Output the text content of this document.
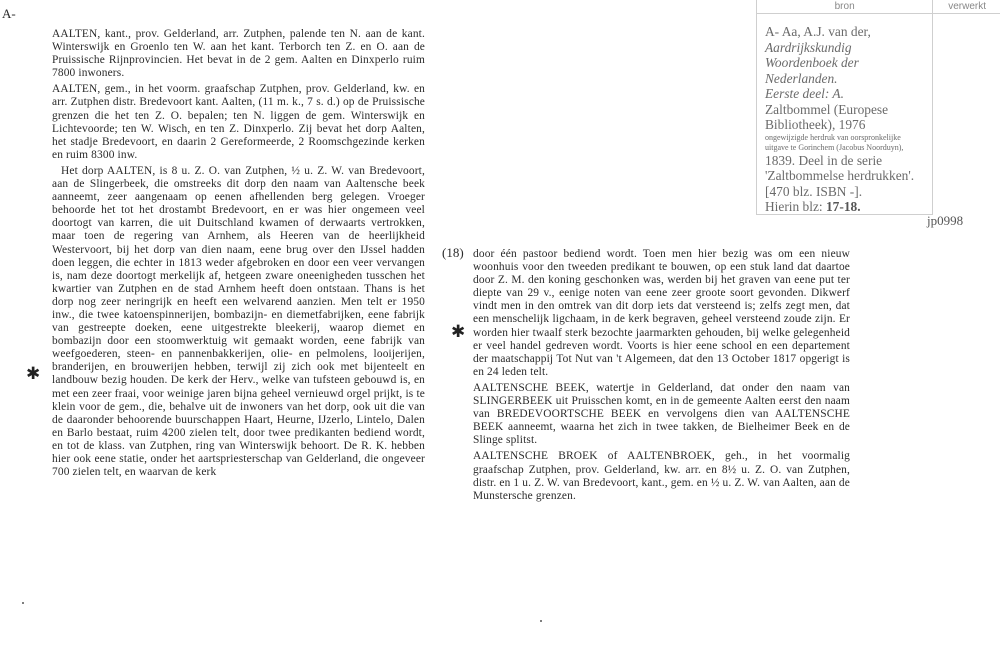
A-

AALTEN, kant., prov. Gelderland, arr. Zutphen, palende ten N. aan de kant. Winterswijk en Groenlo ten W. aan het kant. Terborch ten Z. en O. aan de Pruissische Rijnprovincien. Het bevat in de 2 gem. Aalten en Dinxperlo ruim 7800 inwoners.

AALTEN, gem., in het voorm. graafschap Zutphen, prov. Gelderland, kw. en arr. Zutphen distr. Bredevoort kant. Aalten, (11 m. k., 7 s. d.) op de Pruissische grenzen die het ten Z. O. bepalen; ten N. liggen de gem. Winterswijk en Lichtevoorde; ten W. Wisch, en ten Z. Dinxperlo. Zij bevat het dorp Aalten, het stadje Bredevoort, en daarin 2 Gereformeerde, 2 Roomschgezinde kerken en ruim 8300 inw.

Het dorp AALTEN, is 8 u. Z. O. van Zutphen, ½ u. Z. W. van Bredevoort, aan de Slingerbeek, die omstreeks dit dorp den naam van Aaltensche beek aanneemt, zeer aangenaam op eenen afhellenden berg gelegen. Vroeger behoorde het tot het drostambt Bredevoort, en er was hier ongemeen veel doortogt van karren, die uit Duitschland kwamen of derwaarts vertrokken, maar toen de regering van Arnhem, als Heeren van de heerlijkheid Westervoort, bij het dorp van dien naam, eene brug over den IJssel hadden doen leggen, die echter in 1813 weder afgebroken en door een veer vervangen is, nam deze doortogt merkelijk af, hetgeen zware oneenigheden tusschen het kwartier van Zutphen en de stad Arnhem heeft doen ontstaan. Thans is het dorp nog zeer neringrijk en heeft een welvarend aanzien. Men telt er 1950 inw., die twee katoenspinnerijen, bombazijn- en diemetfabrijken, eene fabrijk van gestreepte doeken, eene uitgestrekte bleekerij, waarop diemet en bombazijn door een stoomwerktuig wit gemaakt worden, eene fabrijk van weefgoederen, steen- en pannenbakkerijen, olie- en pelmolens, looijerijen, branderijen, en brouwerijen hebben, terwijl zij zich ook met bijenteelt en landbouw bezig houden. De kerk der Herv., welke van tufsteen gebouwd is, en met een zeer fraai, voor weinige jaren bijna geheel vernieuwd orgel prijkt, is te klein voor de gem., die, behalve uit de inwoners van het dorp, ook uit die van de daaronder behoorende buurschappen Haart, Heurne, IJzerlo, Lintelo, Dalen en Barlo bestaat, ruim 4200 zielen telt, door twee predikanten bediend wordt, en tot de klass. van Zutphen, ring van Winterswijk behoort. De R. K. hebben hier ook eene statie, onder het aartspriesterschap van Gelderland, die ongeveer 700 zielen telt, en waarvan de kerk

(18) door één pastoor bediend wordt. Toen men hier bezig was om een nieuw woonhuis voor den tweeden predikant te bouwen, op een stuk land dat daartoe door Z. M. den koning geschonken was, werden bij het graven van eene put ter diepte van 29 v., eenige noten van eene zeer groote soort gevonden. Dikwerf vindt men in den omtrek van dit dorp iets dat versteend is; zelfs zegt men, dat een menschelijk ligchaam, in de kerk begraven, geheel versteend zoude zijn. Er worden hier twaalf sterk bezochte jaarmarkten gehouden, bij welke gelegenheid er veel handel gedreven wordt. Voorts is hier eene school en een departement der maatschappij Tot Nut van 't Algemeen, dat den 13 October 1817 opgerigt is en 24 leden telt.

AALTENSCHE BEEK, watertje in Gelderland, dat onder den naam van SLINGERBEEK uit Pruisschen komt, en in de gemeente Aalten eerst den naam van BREDEVOORTSCHE BEEK en vervolgens dien van AALTENSCHE BEEK aanneemt, waarna het zich in twee takken, de Bielheimer Beek en de Slinge splitst.

AALTENSCHE BROEK of AALTENBROEK, geh., in het voormalig graafschap Zutphen, prov. Gelderland, kw. arr. en 8½ u. Z. O. van Zutphen, distr. en 1 u. Z. W. van Bredevoort, kant., gem. en ½ u. Z. W. van Aalten, aan de Munstersche grenzen.

✱
✱
bron	verwerkt
A- Aa, A.J. van der,
Aardrijkskundig Woordenboek der Nederlanden.
Eerste deel: A.
Zaltbommel (Europese Bibliotheek), 1976
ongewijzigde herdruk van oorspronkelijke uitgave te Gorinchem (Jacobus Noorduyn),
1839. Deel in de serie 'Zaltbommelse herdrukken'.
[470 blz. ISBN -].
Hierin blz: 17-18.
jp0998
